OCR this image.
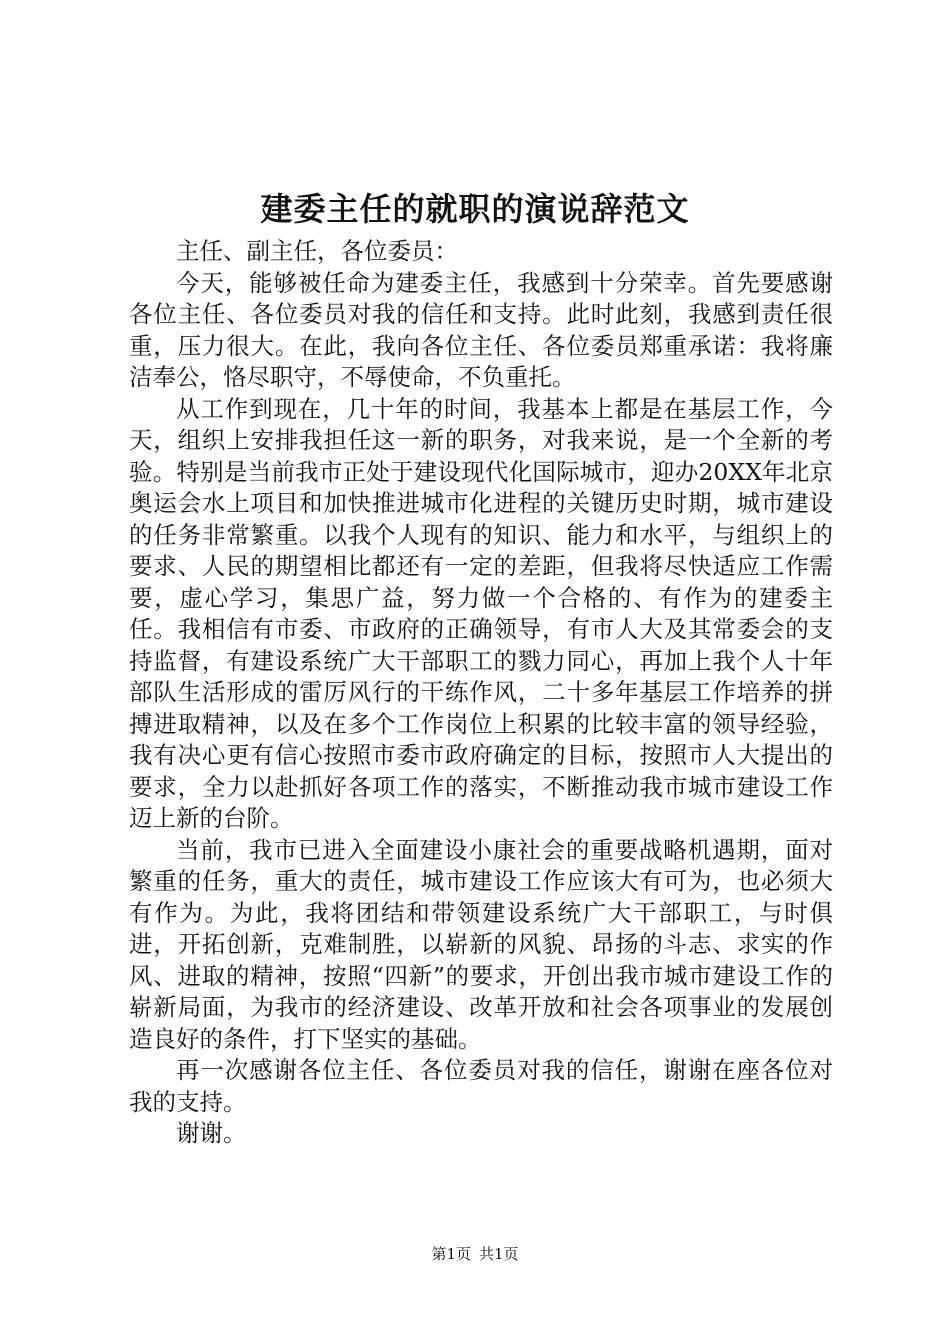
建委主任的就职的演说辞范文

主任、副主任，各位委员：

今天，能够被任命为建委主任，我感到十分荣幸。首先要感谢各位主任、各位委员对我的信任和支持。此时此刻，我感到责任很重，压力很大。在此，我向各位主任、各位委员郑重承诺：我将廉洁奉公，恪尽职守，不辱使命，不负重托。

从工作到现在，几十年的时间，我基本上都是在基层工作，今天，组织上安排我担任这一新的职务，对我来说，是一个全新的考验。特别是当前我市正处于建设现代化国际城市，迎办20XX年北京奥运会水上项目和加快推进城市化进程的关键历史时期，城市建设的任务非常繁重。以我个人现有的知识、能力和水平，与组织上的要求、人民的期望相比都还有一定的差距，但我将尽快适应工作需要，虚心学习，集思广益，努力做一个合格的、有作为的建委主任。我相信有市委、市政府的正确领导，有市人大及其常委会的支持监督，有建设系统广大干部职工的戮力同心，再加上我个人十年部队生活形成的雷厉风行的干练作风，二十多年基层工作培养的拼搏进取精神，以及在多个工作岗位上积累的比较丰富的领导经验，我有决心更有信心按照市委市政府确定的目标，按照市人大提出的要求，全力以赴抓好各项工作的落实，不断推动我市城市建设工作迈上新的台阶。

当前，我市已进入全面建设小康社会的重要战略机遇期，面对繁重的任务，重大的责任，城市建设工作应该大有可为，也必须大有作为。为此，我将团结和带领建设系统广大干部职工，与时俱进，开拓创新，克难制胜，以崭新的风貌、昂扬的斗志、求实的作风、进取的精神，按照“四新”的要求，开创出我市城市建设工作的崭新局面，为我市的经济建设、改革开放和社会各项事业的发展创造良好的条件，打下坚实的基础。

再一次感谢各位主任、各位委员对我的信任，谢谢在座各位对我的支持。

谢谢。

第1页 共1页
